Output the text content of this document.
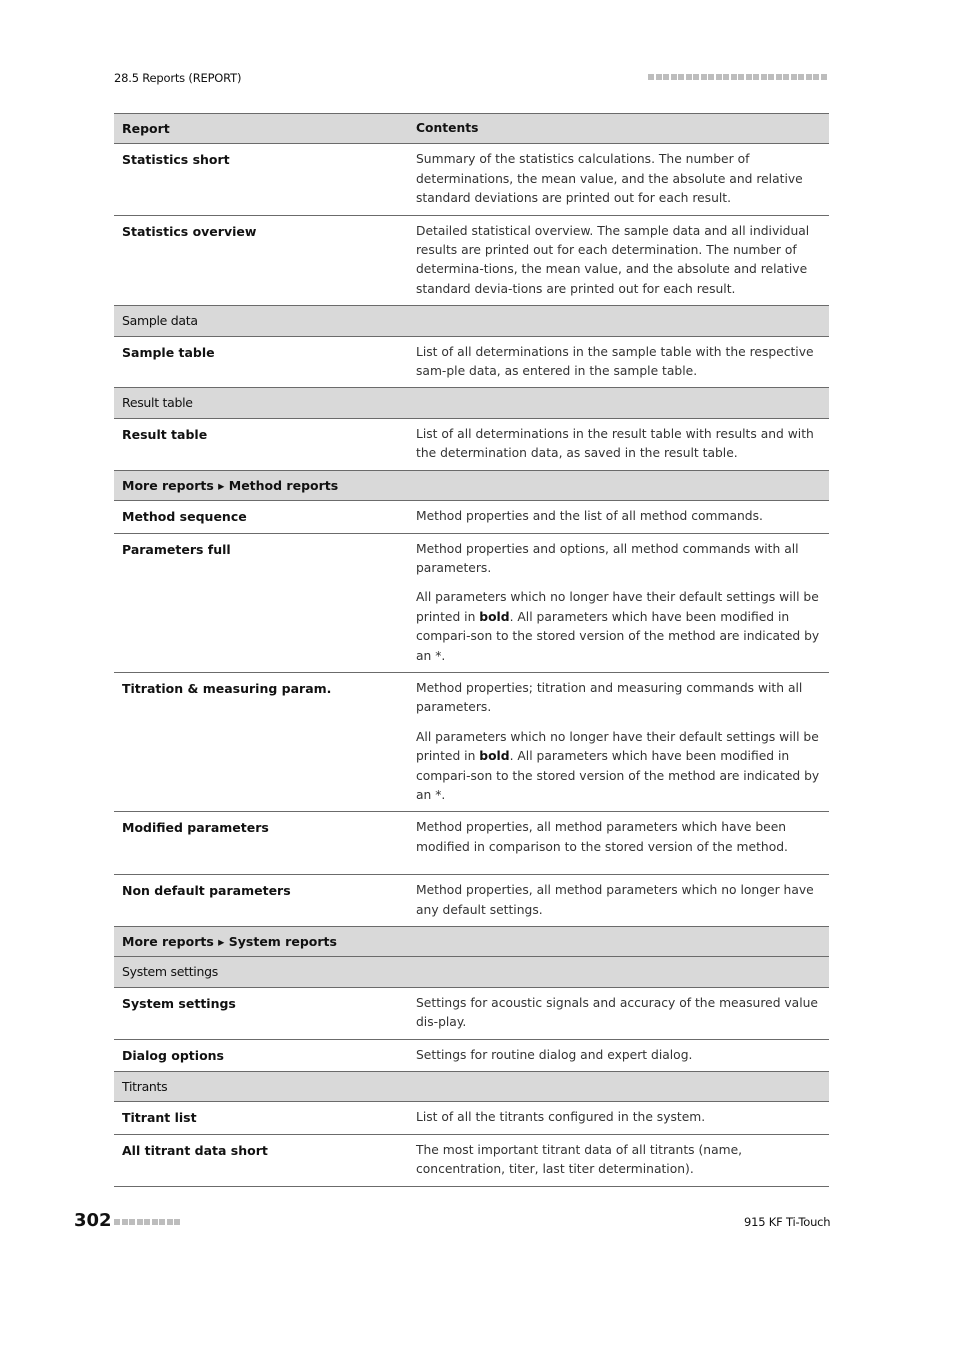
28.5 Reports (REPORT)
Report	Contents
Statistics short	Summary of the statistics calculations. The number of determinations, the mean value, and the absolute and relative standard deviations are printed out for each result.

Statistics overview	Detailed statistical overview. The sample data and all individual results are printed out for each determination. The number of determina-tions, the mean value, and the absolute and relative standard devia-tions are printed out for each result.

Sample data
Sample table	List of all determinations in the sample table with the respective sam-ple data, as entered in the sample table.

Result table
Result table	List of all determinations in the result table with results and with the determination data, as saved in the result table.

More reports ▸ Method reports
Method sequence	Method properties and the list of all method commands.

Parameters full	Method properties and options, all method commands with all parameters.

All parameters which no longer have their default settings will be printed in bold. All parameters which have been modified in compari-son to the stored version of the method are indicated by an *.

Titration & measuring param.	Method properties; titration and measuring commands with all parameters.

All parameters which no longer have their default settings will be printed in bold. All parameters which have been modified in compari-son to the stored version of the method are indicated by an *.

Modified parameters	Method properties, all method parameters which have been modified in comparison to the stored version of the method.

Non default parameters	Method properties, all method parameters which no longer have any default settings.

More reports ▸ System reports
System settings
System settings	Settings for acoustic signals and accuracy of the measured value dis-play.

Dialog options	Settings for routine dialog and expert dialog.

Titrants
Titrant list	List of all the titrants configured in the system.

All titrant data short	The most important titrant data of all titrants (name, concentration, titer, last titer determination).

302	915 KF Ti-Touch
